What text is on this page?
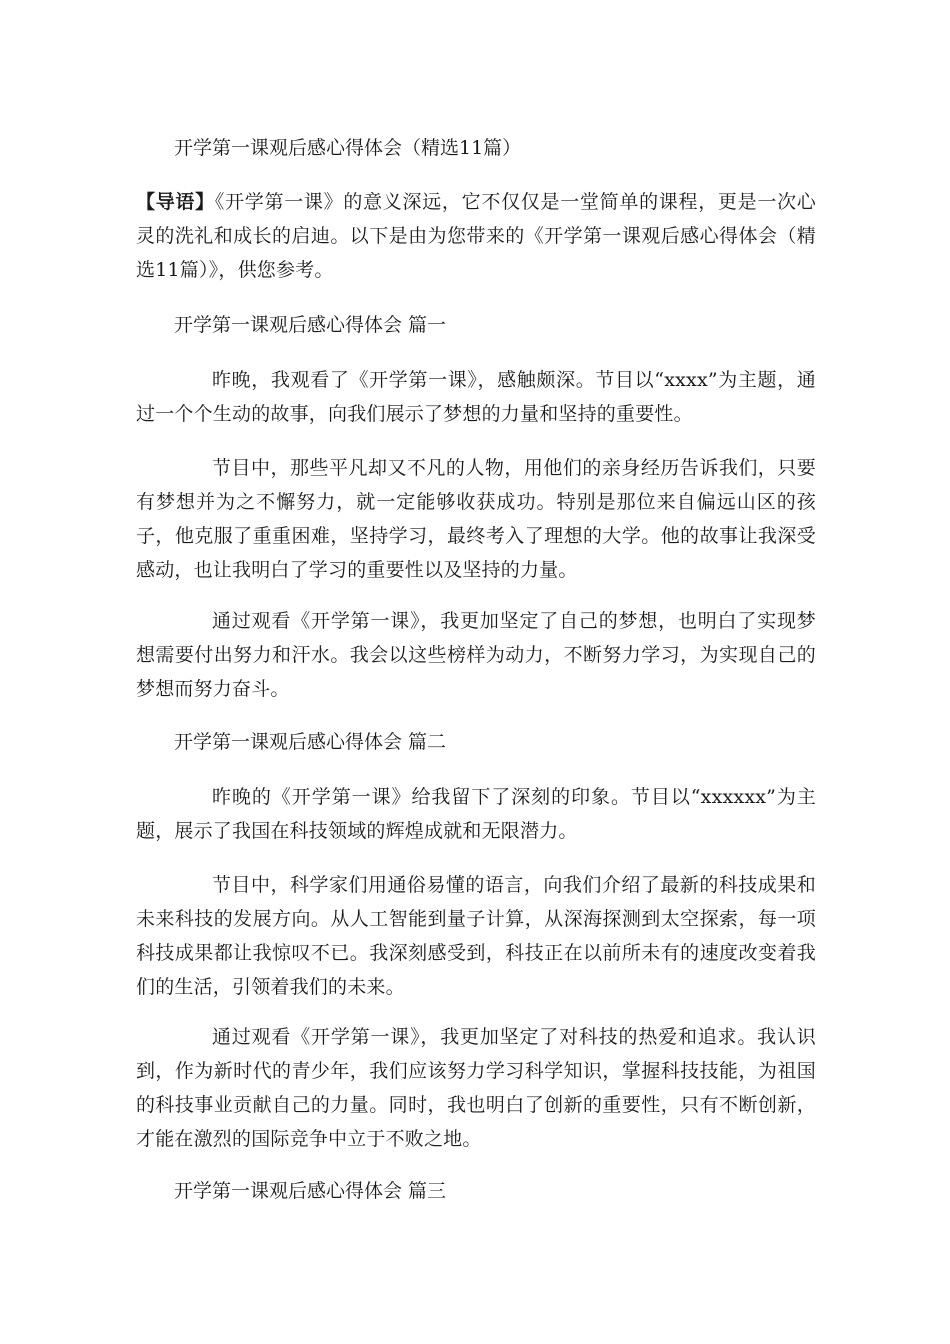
开学第一课观后感心得体会（精选11篇）

【导语】《开学第一课》的意义深远，它不仅仅是一堂简单的课程，更是一次心灵的洗礼和成长的启迪。以下是由为您带来的《开学第一课观后感心得体会（精选11篇）》，供您参考。

开学第一课观后感心得体会 篇一

昨晚，我观看了《开学第一课》，感触颇深。节目以“xxxx”为主题，通过一个个生动的故事，向我们展示了梦想的力量和坚持的重要性。

节目中，那些平凡却又不凡的人物，用他们的亲身经历告诉我们，只要有梦想并为之不懈努力，就一定能够收获成功。特别是那位来自偏远山区的孩子，他克服了重重困难，坚持学习，最终考入了理想的大学。他的故事让我深受感动，也让我明白了学习的重要性以及坚持的力量。

通过观看《开学第一课》，我更加坚定了自己的梦想，也明白了实现梦想需要付出努力和汗水。我会以这些榜样为动力，不断努力学习，为实现自己的梦想而努力奋斗。

开学第一课观后感心得体会 篇二

昨晚的《开学第一课》给我留下了深刻的印象。节目以“xxxxxx”为主题，展示了我国在科技领域的辉煌成就和无限潜力。

节目中，科学家们用通俗易懂的语言，向我们介绍了最新的科技成果和未来科技的发展方向。从人工智能到量子计算，从深海探测到太空探索，每一项科技成果都让我惊叹不已。我深刻感受到，科技正在以前所未有的速度改变着我们的生活，引领着我们的未来。

通过观看《开学第一课》，我更加坚定了对科技的热爱和追求。我认识到，作为新时代的青少年，我们应该努力学习科学知识，掌握科技技能，为祖国的科技事业贡献自己的力量。同时，我也明白了创新的重要性，只有不断创新，才能在激烈的国际竞争中立于不败之地。

开学第一课观后感心得体会 篇三
